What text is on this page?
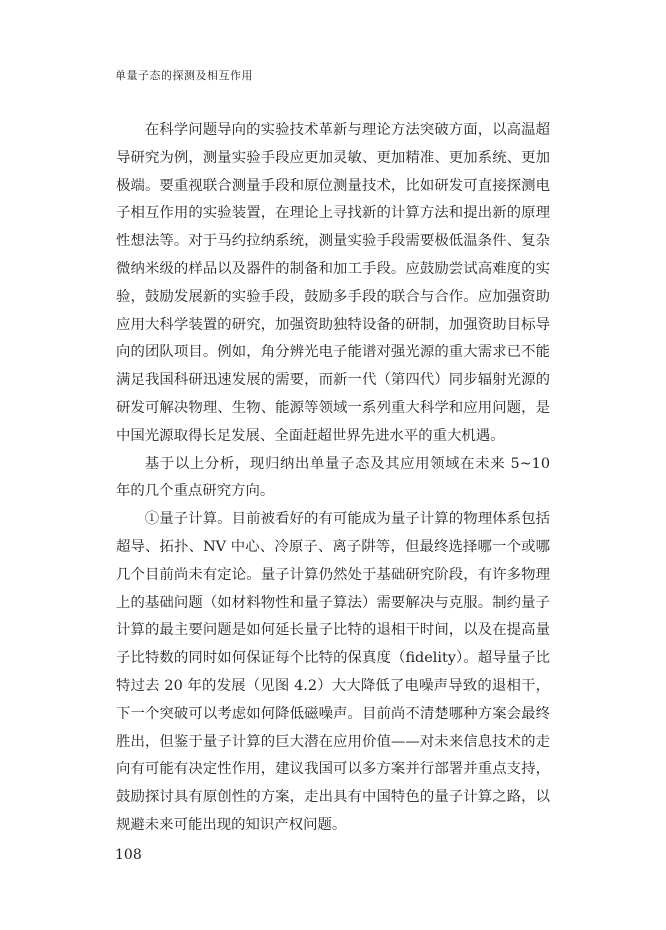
单量子态的探测及相互作用

在科学问题导向的实验技术革新与理论方法突破方面，以高温超导研究为例，测量实验手段应更加灵敏、更加精准、更加系统、更加极端。要重视联合测量手段和原位测量技术，比如研发可直接探测电子相互作用的实验装置，在理论上寻找新的计算方法和提出新的原理性想法等。对于马约拉纳系统，测量实验手段需要极低温条件、复杂微纳米级的样品以及器件的制备和加工手段。应鼓励尝试高难度的实验，鼓励发展新的实验手段，鼓励多手段的联合与合作。应加强资助应用大科学装置的研究，加强资助独特设备的研制，加强资助目标导向的团队项目。例如，角分辨光电子能谱对强光源的重大需求已不能满足我国科研迅速发展的需要，而新一代（第四代）同步辐射光源的研发可解决物理、生物、能源等领域一系列重大科学和应用问题，是中国光源取得长足发展、全面赶超世界先进水平的重大机遇。

基于以上分析，现归纳出单量子态及其应用领域在未来 5~10 年的几个重点研究方向。

①量子计算。目前被看好的有可能成为量子计算的物理体系包括超导、拓扑、NV 中心、冷原子、离子阱等，但最终选择哪一个或哪几个目前尚未有定论。量子计算仍然处于基础研究阶段，有许多物理上的基础问题（如材料物性和量子算法）需要解决与克服。制约量子计算的最主要问题是如何延长量子比特的退相干时间，以及在提高量子比特数的同时如何保证每个比特的保真度（fidelity）。超导量子比特过去 20 年的发展（见图 4.2）大大降低了电噪声导致的退相干，下一个突破可以考虑如何降低磁噪声。目前尚不清楚哪种方案会最终胜出，但鉴于量子计算的巨大潜在应用价值——对未来信息技术的走向有可能有决定性作用，建议我国可以多方案并行部署并重点支持，鼓励探讨具有原创性的方案，走出具有中国特色的量子计算之路，以规避未来可能出现的知识产权问题。

108
